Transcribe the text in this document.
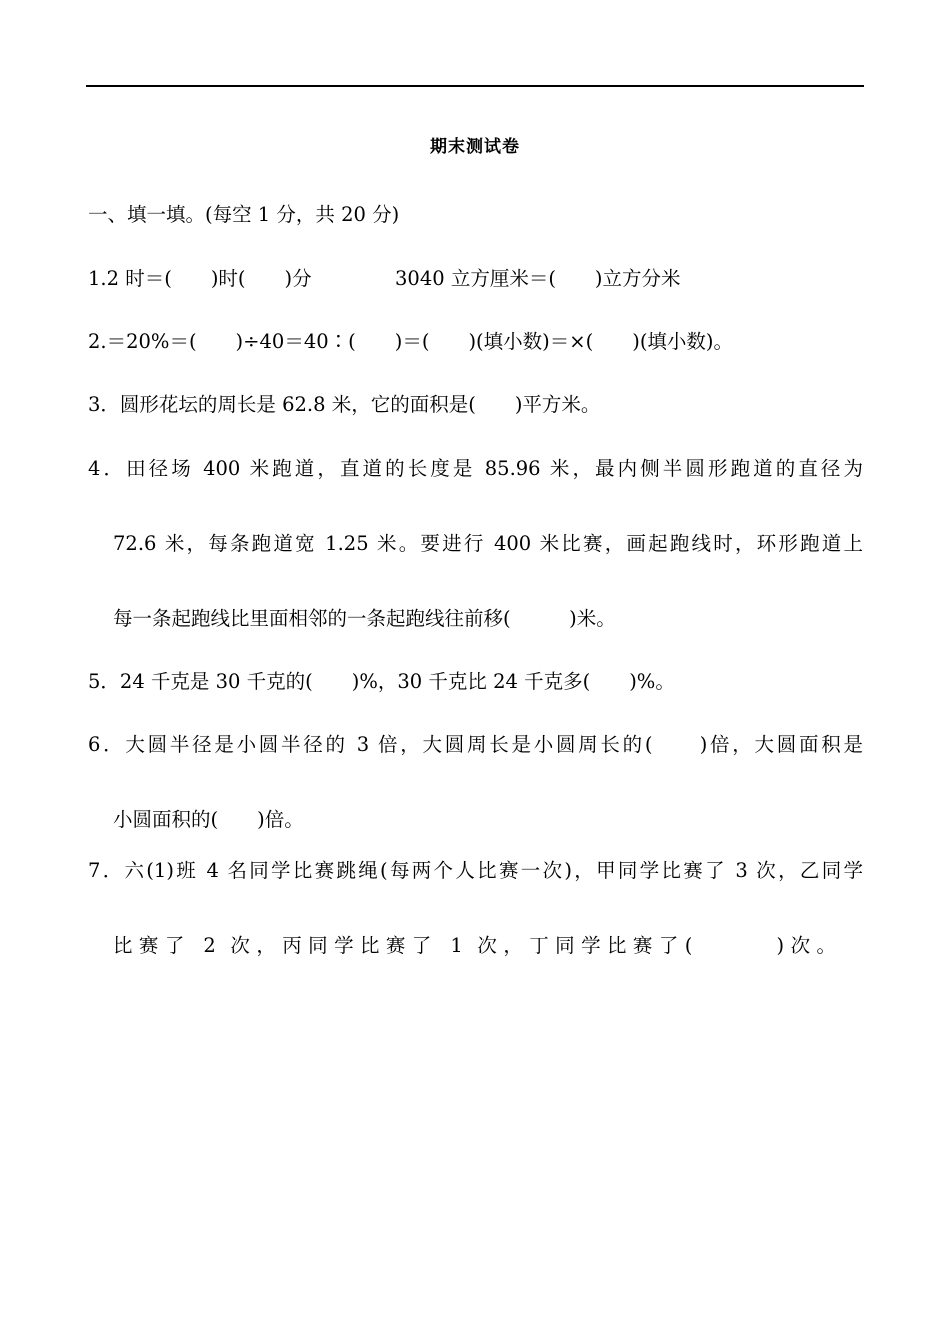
期末测试卷
一、填一填。(每空 1 分，共 20 分)
1.2 时＝(　　)时(　　)分	3040 立方厘米＝(　　)立方分米
2.＝20%＝(　　)÷40＝40∶(　　)＝(　　)(填小数)＝×(　　)(填小数)。
3．圆形花坛的周长是 62.8 米，它的面积是(　　)平方米。
4．田径场 400 米跑道，直道的长度是 85.96 米，最内侧半圆形跑道的直径为
72.6 米，每条跑道宽 1.25 米。要进行 400 米比赛，画起跑线时，环形跑道上
每一条起跑线比里面相邻的一条起跑线往前移(　　　)米。
5．24 千克是 30 千克的(　　)%，30 千克比 24 千克多(　　)%。
6．大圆半径是小圆半径的 3 倍，大圆周长是小圆周长的(　　)倍，大圆面积是
小圆面积的(　　)倍。
7．六(1)班 4 名同学比赛跳绳(每两个人比赛一次)，甲同学比赛了 3 次，乙同学
比赛了 2 次，丙同学比赛了 1 次，丁同学比赛了(　　　)次。
